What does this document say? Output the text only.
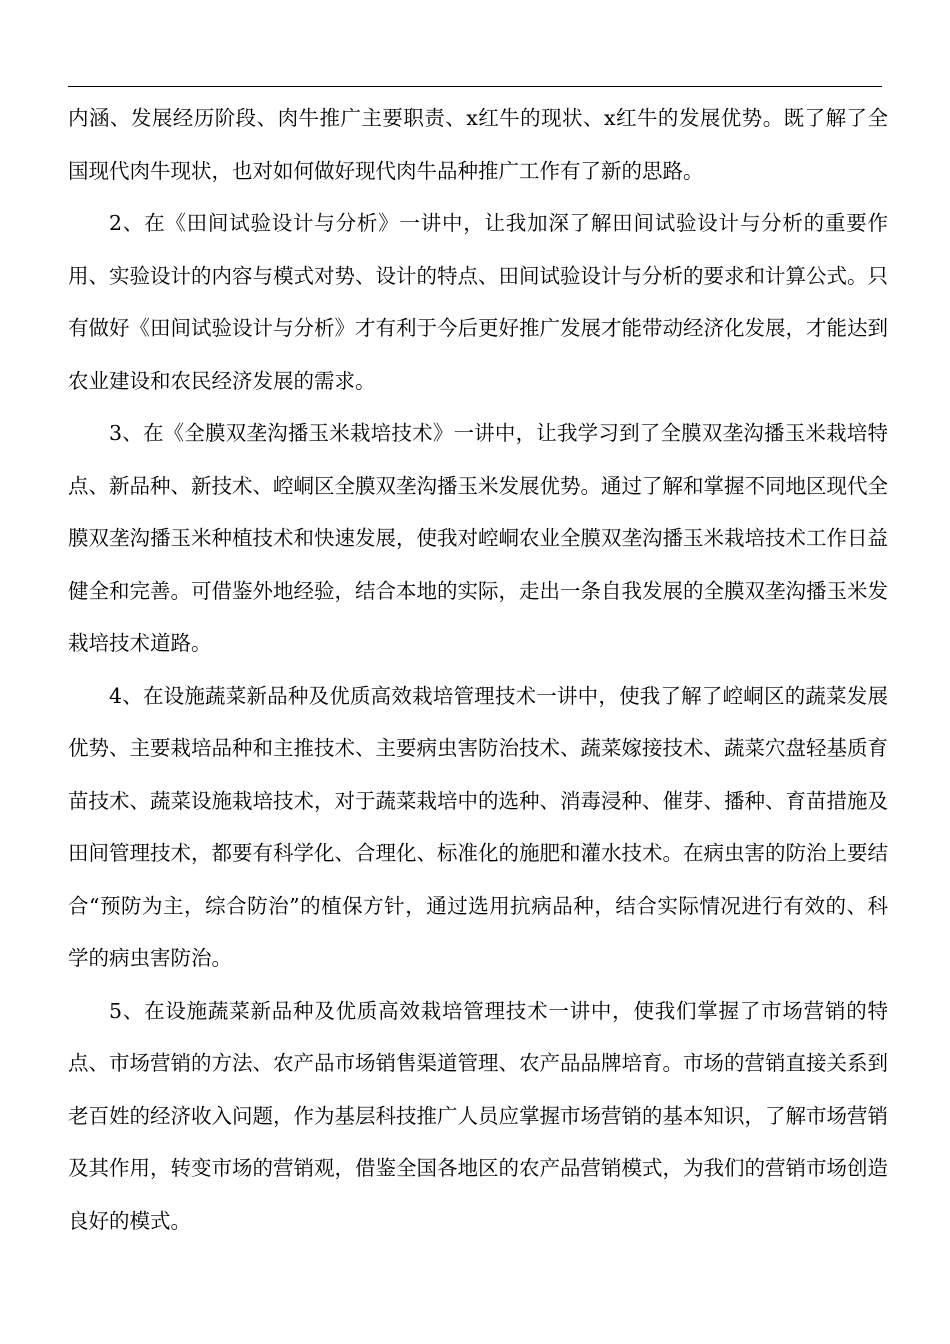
内涵、发展经历阶段、肉牛推广主要职责、x红牛的现状、x红牛的发展优势。既了解了全国现代肉牛现状，也对如何做好现代肉牛品种推广工作有了新的思路。

2、在《田间试验设计与分析》一讲中，让我加深了解田间试验设计与分析的重要作用、实验设计的内容与模式对势、设计的特点、田间试验设计与分析的要求和计算公式。只有做好《田间试验设计与分析》才有利于今后更好推广发展才能带动经济化发展，才能达到农业建设和农民经济发展的需求。

3、在《全膜双垄沟播玉米栽培技术》一讲中，让我学习到了全膜双垄沟播玉米栽培特点、新品种、新技术、崆峒区全膜双垄沟播玉米发展优势。通过了解和掌握不同地区现代全膜双垄沟播玉米种植技术和快速发展，使我对崆峒农业全膜双垄沟播玉米栽培技术工作日益健全和完善。可借鉴外地经验，结合本地的实际，走出一条自我发展的全膜双垄沟播玉米发栽培技术道路。

4、在设施蔬菜新品种及优质高效栽培管理技术一讲中，使我了解了崆峒区的蔬菜发展优势、主要栽培品种和主推技术、主要病虫害防治技术、蔬菜嫁接技术、蔬菜穴盘轻基质育苗技术、蔬菜设施栽培技术，对于蔬菜栽培中的选种、消毒浸种、催芽、播种、育苗措施及田间管理技术，都要有科学化、合理化、标准化的施肥和灌水技术。在病虫害的防治上要结合“预防为主，综合防治”的植保方针，通过选用抗病品种，结合实际情况进行有效的、科学的病虫害防治。

5、在设施蔬菜新品种及优质高效栽培管理技术一讲中，使我们掌握了市场营销的特点、市场营销的方法、农产品市场销售渠道管理、农产品品牌培育。市场的营销直接关系到老百姓的经济收入问题，作为基层科技推广人员应掌握市场营销的基本知识，了解市场营销及其作用，转变市场的营销观，借鉴全国各地区的农产品营销模式，为我们的营销市场创造良好的模式。
